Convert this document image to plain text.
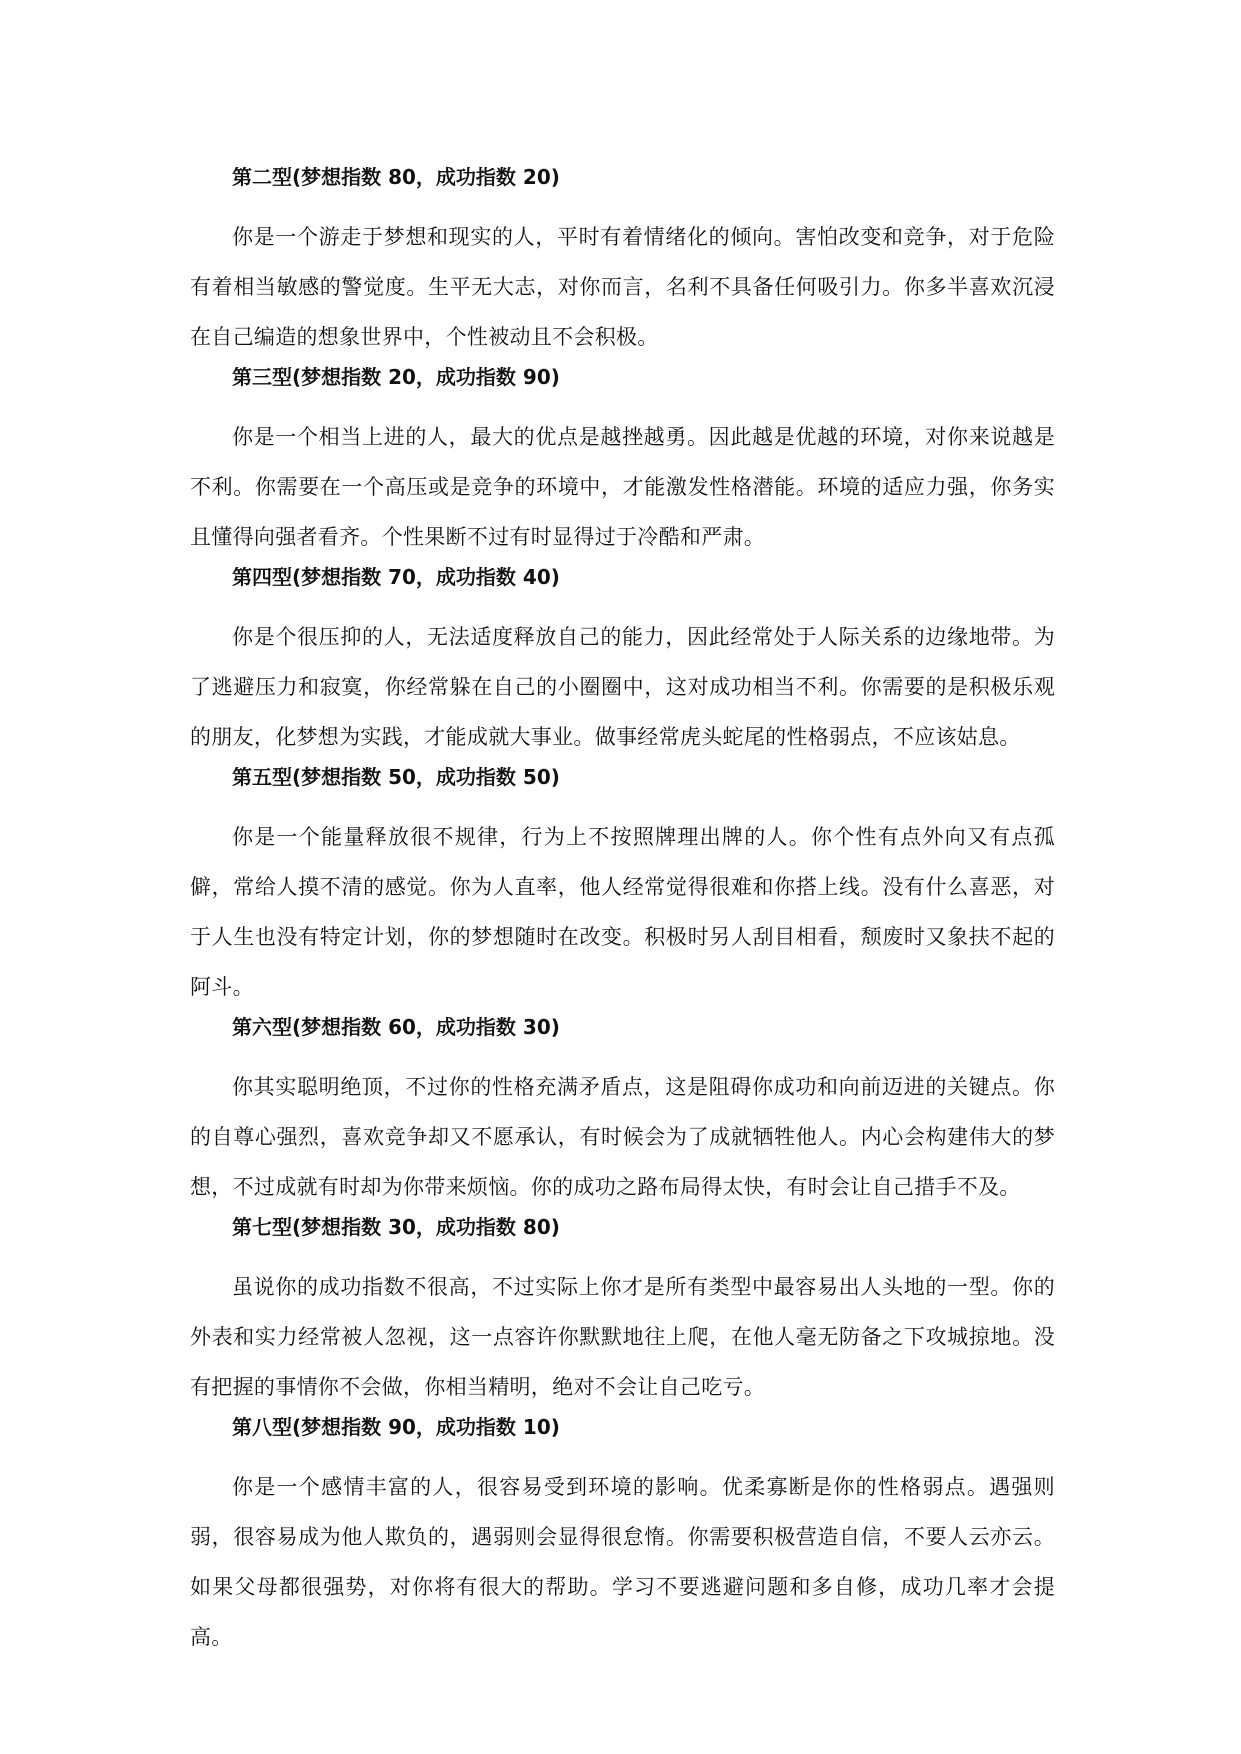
第二型(梦想指数 80，成功指数 20)

你是一个游走于梦想和现实的人，平时有着情绪化的倾向。害怕改变和竞争，对于危险有着相当敏感的警觉度。生平无大志，对你而言，名利不具备任何吸引力。你多半喜欢沉浸在自己编造的想象世界中，个性被动且不会积极。

第三型(梦想指数 20，成功指数 90)

你是一个相当上进的人，最大的优点是越挫越勇。因此越是优越的环境，对你来说越是不利。你需要在一个高压或是竞争的环境中，才能激发性格潜能。环境的适应力强，你务实且懂得向强者看齐。个性果断不过有时显得过于冷酷和严肃。

第四型(梦想指数 70，成功指数 40)

你是个很压抑的人，无法适度释放自己的能力，因此经常处于人际关系的边缘地带。为了逃避压力和寂寞，你经常躲在自己的小圈圈中，这对成功相当不利。你需要的是积极乐观的朋友，化梦想为实践，才能成就大事业。做事经常虎头蛇尾的性格弱点，不应该姑息。

第五型(梦想指数 50，成功指数 50)

你是一个能量释放很不规律，行为上不按照牌理出牌的人。你个性有点外向又有点孤僻，常给人摸不清的感觉。你为人直率，他人经常觉得很难和你搭上线。没有什么喜恶，对于人生也没有特定计划，你的梦想随时在改变。积极时另人刮目相看，颓废时又象扶不起的阿斗。

第六型(梦想指数 60，成功指数 30)

你其实聪明绝顶，不过你的性格充满矛盾点，这是阻碍你成功和向前迈进的关键点。你的自尊心强烈，喜欢竞争却又不愿承认，有时候会为了成就牺牲他人。内心会构建伟大的梦想，不过成就有时却为你带来烦恼。你的成功之路布局得太快，有时会让自己措手不及。

第七型(梦想指数 30，成功指数 80)

虽说你的成功指数不很高，不过实际上你才是所有类型中最容易出人头地的一型。你的外表和实力经常被人忽视，这一点容许你默默地往上爬，在他人毫无防备之下攻城掠地。没有把握的事情你不会做，你相当精明，绝对不会让自己吃亏。

第八型(梦想指数 90，成功指数 10)

你是一个感情丰富的人，很容易受到环境的影响。优柔寡断是你的性格弱点。遇强则弱，很容易成为他人欺负的，遇弱则会显得很怠惰。你需要积极营造自信，不要人云亦云。如果父母都很强势，对你将有很大的帮助。学习不要逃避问题和多自修，成功几率才会提高。
